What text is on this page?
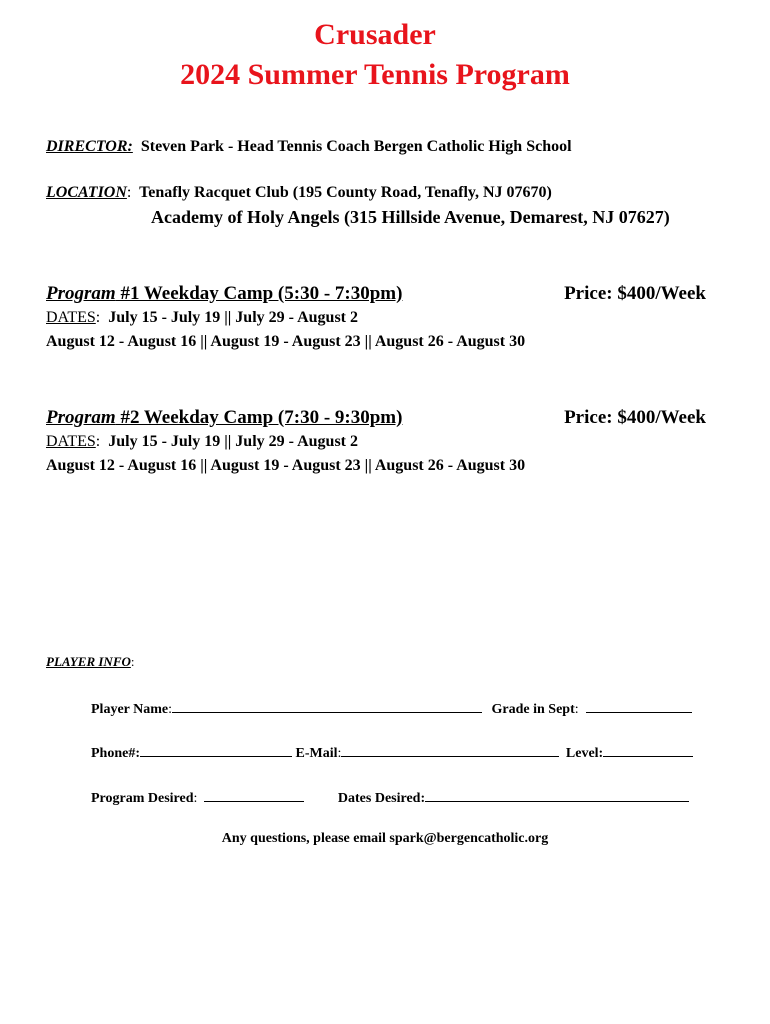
Crusader
2024 Summer Tennis Program
DIRECTOR: Steven Park - Head Tennis Coach Bergen Catholic High School
LOCATION: Tenafly Racquet Club (195 County Road, Tenafly, NJ 07670)
Academy of Holy Angels (315 Hillside Avenue, Demarest, NJ 07627)
Program #1 Weekday Camp (5:30 - 7:30pm)	Price: $400/Week
DATES: July 15 - July 19 || July 29 - August 2
August 12 - August 16 || August 19 - August 23 || August 26 - August 30
Program #2 Weekday Camp (7:30 - 9:30pm)	Price: $400/Week
DATES: July 15 - July 19 || July 29 - August 2
August 12 - August 16 || August 19 - August 23 || August 26 - August 30
PLAYER INFO:
Player Name:	Grade in Sept:
Phone#:	E-Mail:	Level:
Program Desired:	Dates Desired:
Any questions, please email spark@bergencatholic.org
